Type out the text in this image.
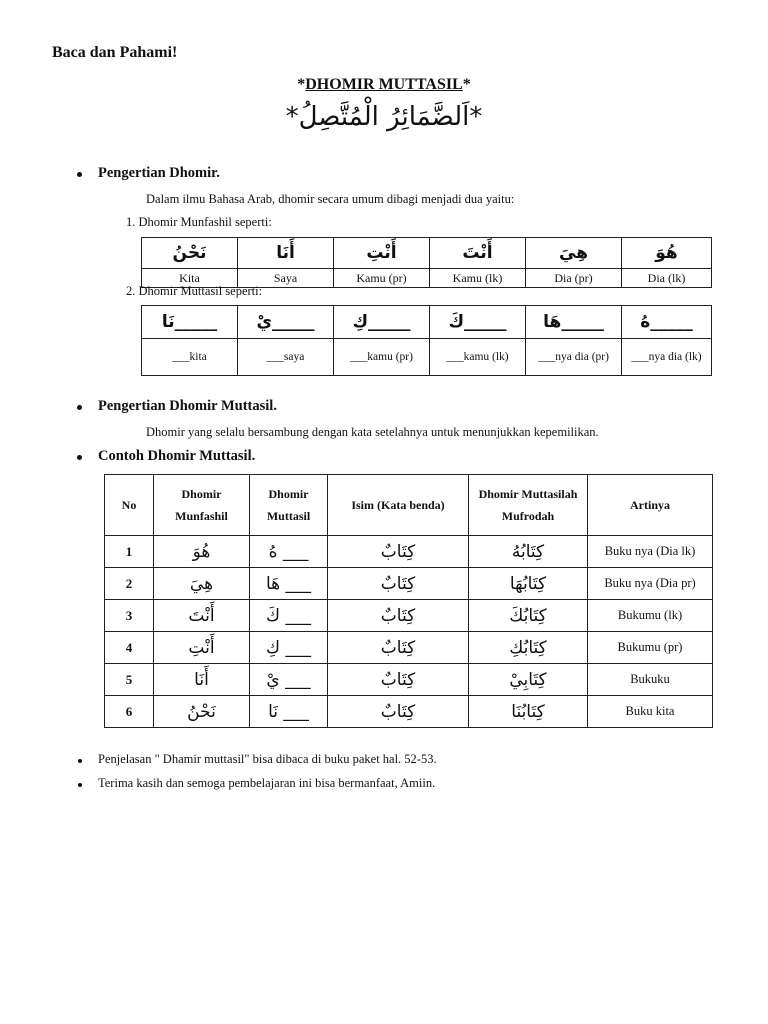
Baca dan Pahami!
*DHOMIR MUTTASIL*
*اَلضَّمَائِرُ الْمُتَّصِلُ*
Pengertian Dhomir.
Dalam ilmu Bahasa Arab, dhomir secara umum dibagi menjadi dua yaitu:
1. Dhomir Munfashil seperti:
نَحْنُ	أَنَا	أَنْتِ	أَنْتَ	هِيَ	هُوَ
Kita	Saya	Kamu (pr)	Kamu (lk)	Dia (pr)	Dia (lk)
2. Dhomir Muttasil seperti:
نَا_____	يْ_____	كِ_____	كَ_____	هَا_____	هُ_____
___kita	___saya	___kamu (pr)	___kamu (lk)	___nya dia (pr)	___nya dia (lk)
Pengertian Dhomir Muttasil.
Dhomir yang selalu bersambung dengan kata setelahnya untuk menunjukkan kepemilikan.
Contoh Dhomir Muttasil.
No	Dhomir Munfashil	Dhomir Muttasil	Isim (Kata benda)	Dhomir Muttasilah Mufrodah	Artinya
1	هُوَ	___ هُ	كِتَابٌ	كِتَابُهُ	Buku nya (Dia lk)
2	هِيَ	___ هَا	كِتَابٌ	كِتَابُهَا	Buku nya (Dia pr)
3	أَنْتَ	___ كَ	كِتَابٌ	كِتَابُكَ	Bukumu (lk)
4	أَنْتِ	___ كِ	كِتَابٌ	كِتَابُكِ	Bukumu (pr)
5	أَنَا	___ يْ	كِتَابٌ	كِتَابِيْ	Bukuku
6	نَحْنُ	___ نَا	كِتَابٌ	كِتَابُنَا	Buku kita
Penjelasan " Dhamir muttasil" bisa dibaca di buku paket hal. 52-53.
Terima kasih dan semoga pembelajaran ini bisa bermanfaat, Amiin.
